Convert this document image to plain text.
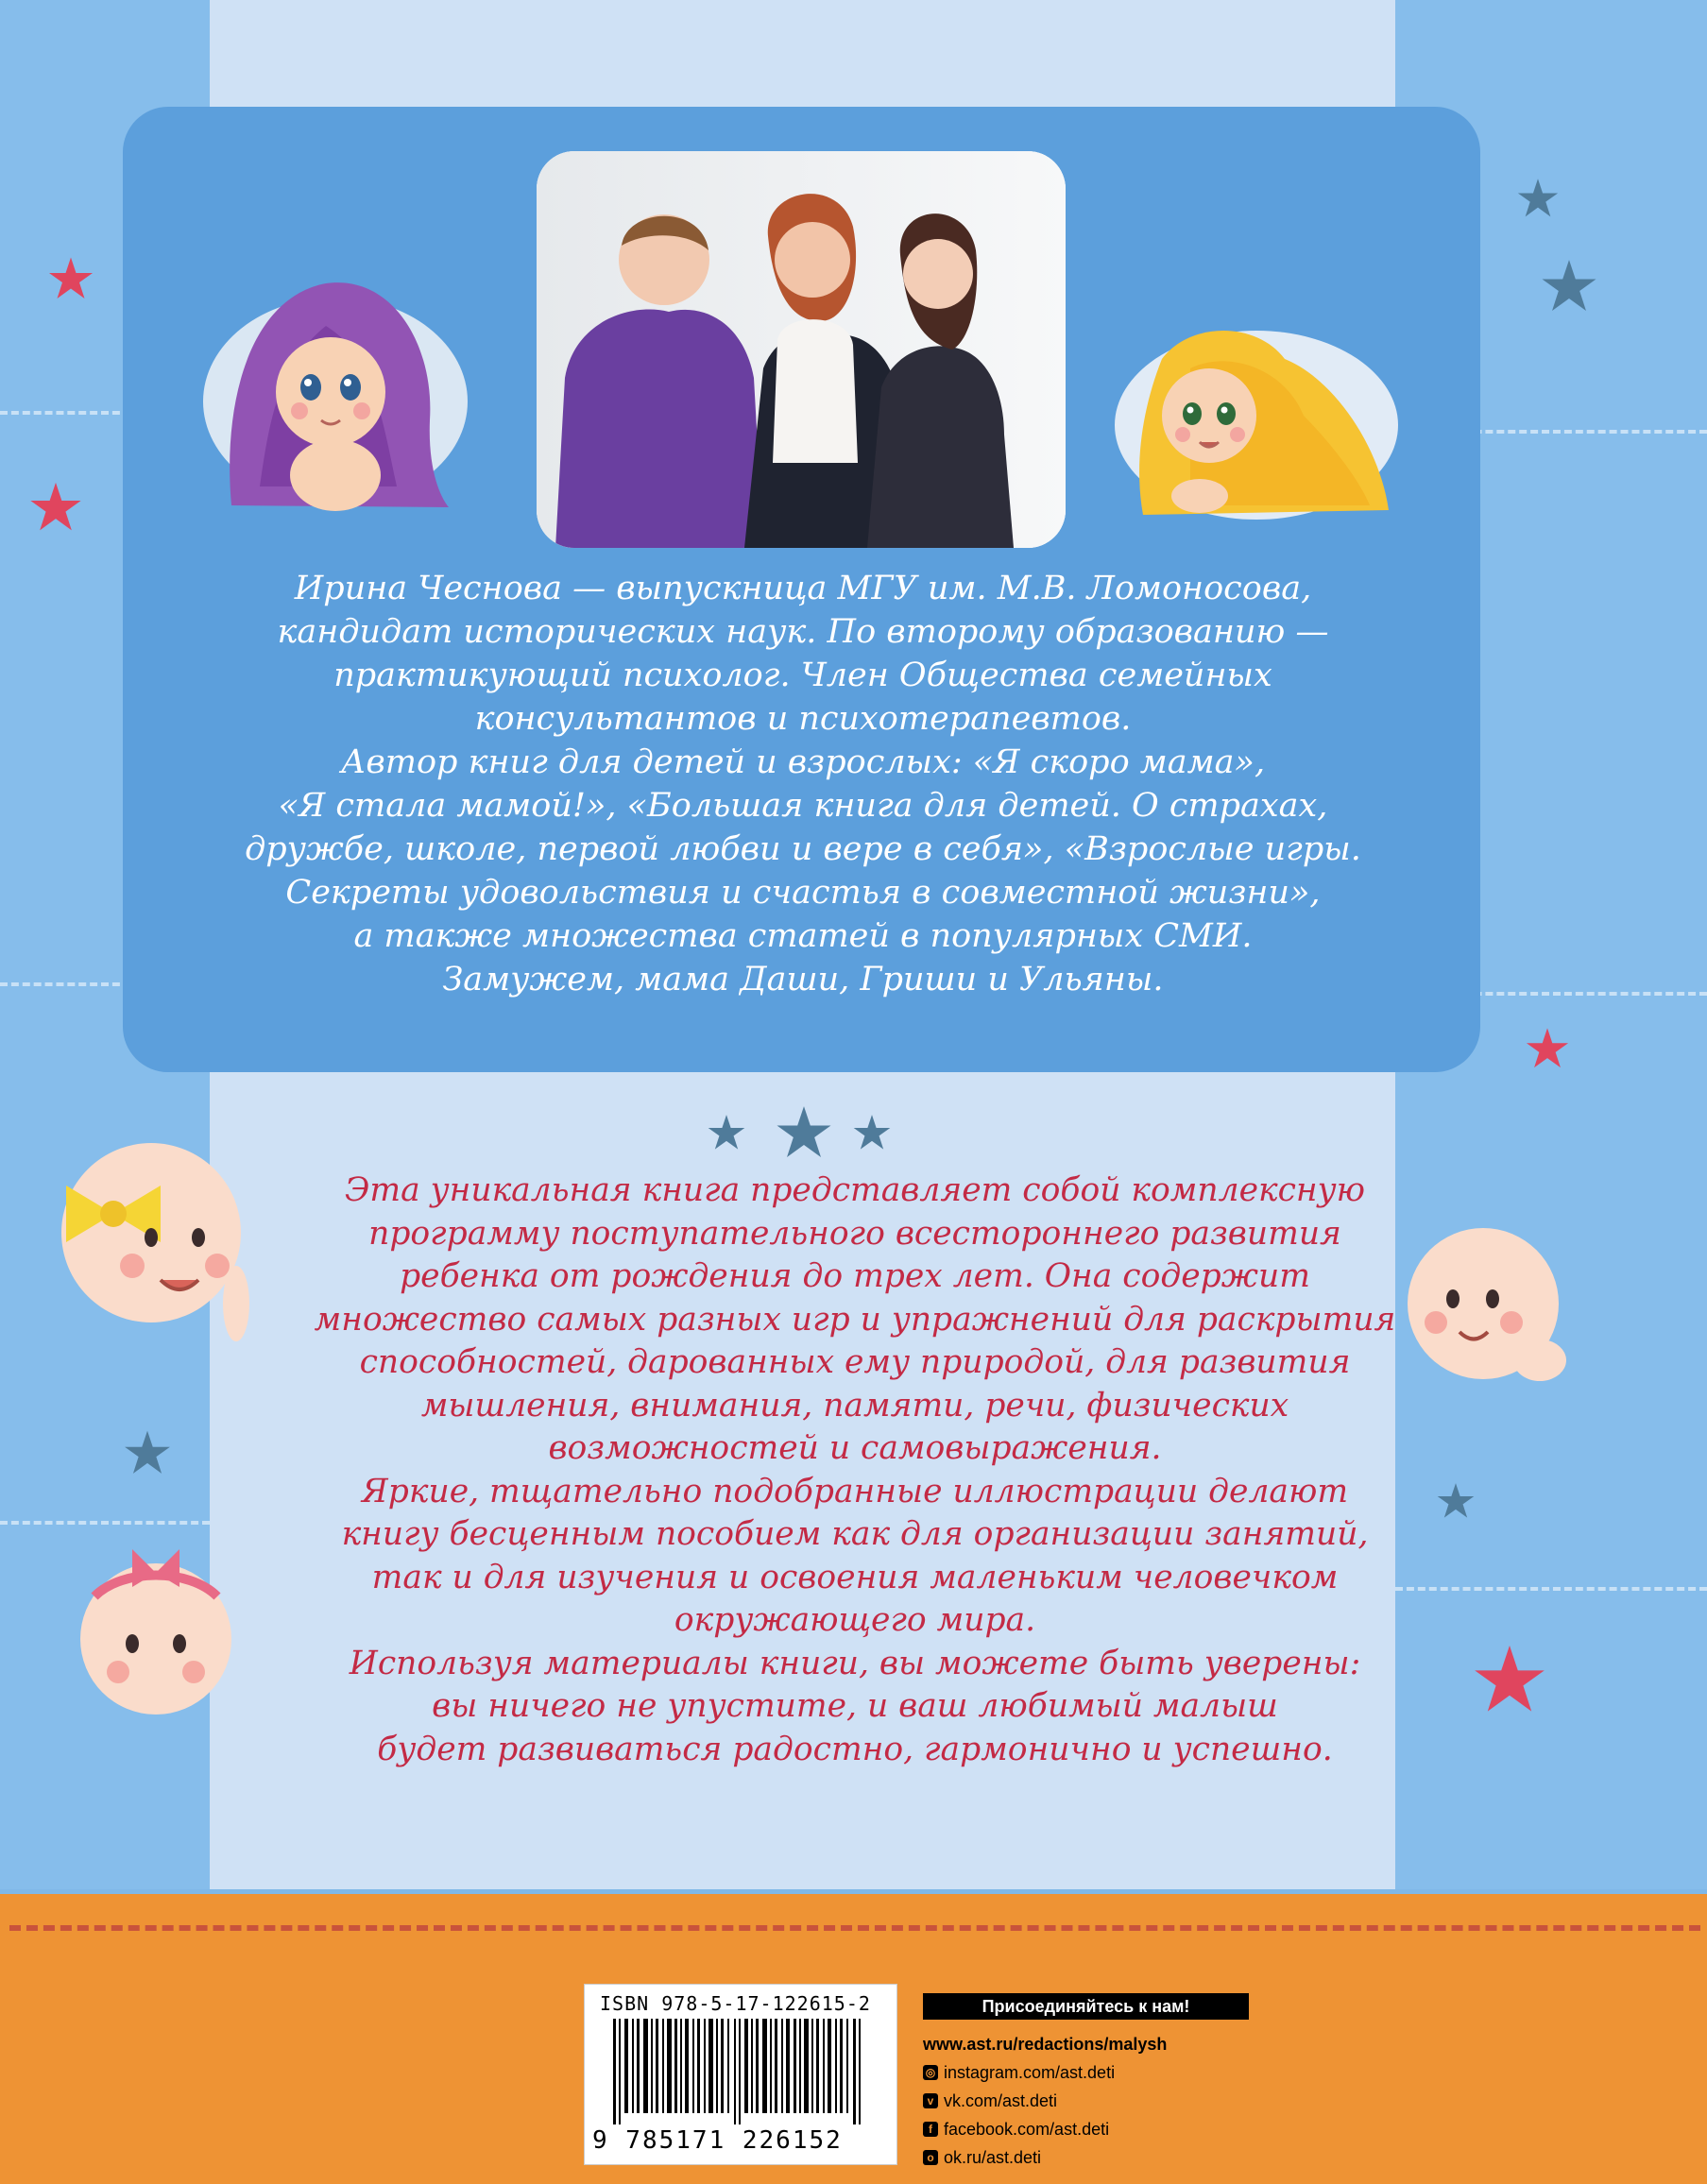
Ирина Чеснова — выпускница МГУ им. М.В. Ломоносова,

кандидат исторических наук. По второму образованию —

практикующий психолог. Член Общества семейных

консультантов и психотерапевтов.

Автор книг для детей и взрослых: «Я скоро мама»,

«Я стала мамой!», «Большая книга для детей. О страхах,

дружбе, школе, первой любви и вере в себя», «Взрослые игры.

Секреты удовольствия и счастья в совместной жизни»,

а также множества статей в популярных СМИ.

Замужем, мама Даши, Гриши и Ульяны.

Эта уникальная книга представляет собой комплексную

программу поступательного всестороннего развития

ребенка от рождения до трех лет. Она содержит

множество самых разных игр и упражнений для раскрытия

способностей, дарованных ему природой, для развития

мышления, внимания, памяти, речи, физических

возможностей и самовыражения.

Яркие, тщательно подобранные иллюстрации делают

книгу бесценным пособием как для организации занятий,

так и для изучения и освоения маленьким человечком

окружающего мира.

Используя материалы книги, вы можете быть уверены:

вы ничего не упустите, и ваш любимый малыш

будет развиваться радостно, гармонично и успешно.

ISBN 978-5-17-122615-2
9 785171 226152
Присоединяйтесь к нам!
www.ast.ru/redactions/malysh
◎ instagram.com/ast.deti
v vk.com/ast.deti
f facebook.com/ast.deti
o ok.ru/ast.deti
